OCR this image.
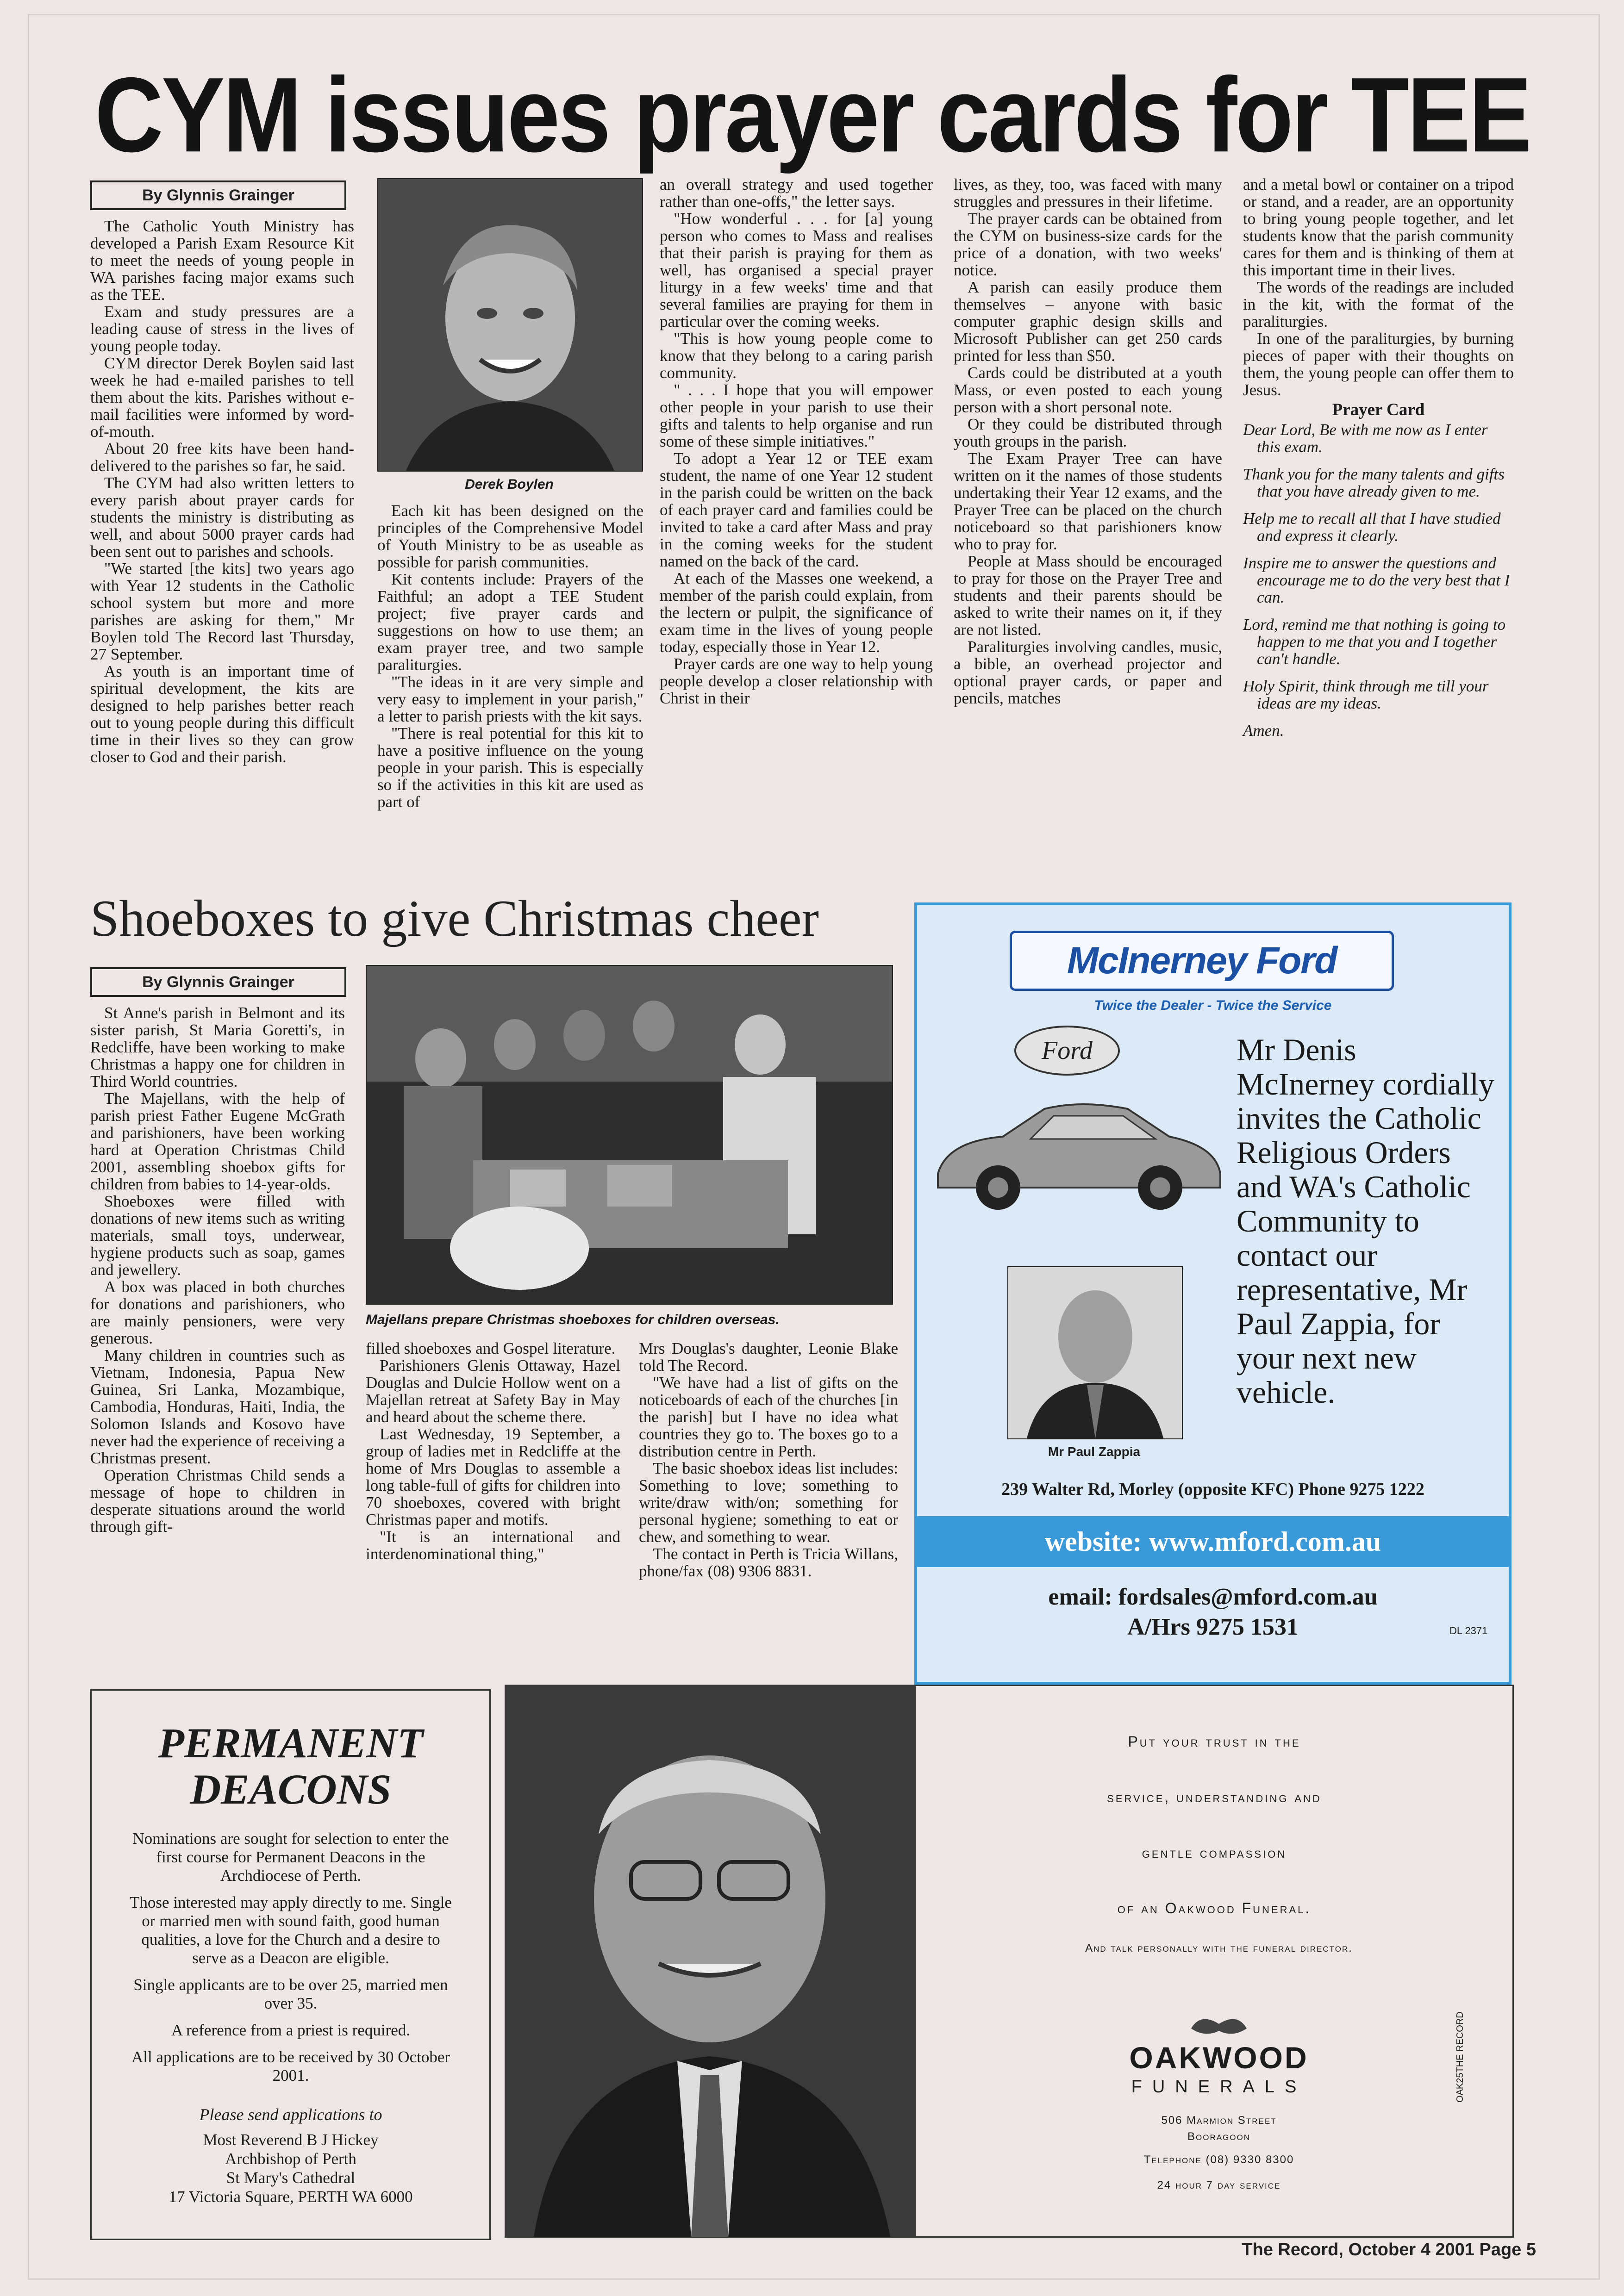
CYM issues prayer cards for TEE
By Glynnis Grainger

The Catholic Youth Ministry has developed a Parish Exam Resource Kit to meet the needs of young people in WA parishes facing major exams such as the TEE.

Exam and study pressures are a leading cause of stress in the lives of young people today.

CYM director Derek Boylen said last week he had e-mailed parishes to tell them about the kits. Parishes without e-mail facilities were informed by word-of-mouth.

About 20 free kits have been hand-delivered to the parishes so far, he said.

The CYM had also written letters to every parish about prayer cards for students the ministry is distributing as well, and about 5000 prayer cards had been sent out to parishes and schools.

"We started [the kits] two years ago with Year 12 students in the Catholic school system but more and more parishes are asking for them," Mr Boylen told The Record last Thursday, 27 September.

As youth is an important time of spiritual development, the kits are designed to help parishes better reach out to young people during this difficult time in their lives so they can grow closer to God and their parish.

Derek Boylen

Each kit has been designed on the principles of the Comprehensive Model of Youth Ministry to be as useable as possible for parish communities.

Kit contents include: Prayers of the Faithful; an adopt a TEE Student project; five prayer cards and suggestions on how to use them; an exam prayer tree, and two sample paraliturgies.

"The ideas in it are very simple and very easy to implement in your parish," a letter to parish priests with the kit says.

"There is real potential for this kit to have a positive influence on the young people in your parish. This is especially so if the activities in this kit are used as part of

an overall strategy and used together rather than one-offs," the letter says.

"How wonderful . . . for [a] young person who comes to Mass and realises that their parish is praying for them as well, has organised a special prayer liturgy in a few weeks' time and that several families are praying for them in particular over the coming weeks.

"This is how young people come to know that they belong to a caring parish community.

" . . . I hope that you will empower other people in your parish to use their gifts and talents to help organise and run some of these simple initiatives."

To adopt a Year 12 or TEE exam student, the name of one Year 12 student in the parish could be written on the back of each prayer card and families could be invited to take a card after Mass and pray in the coming weeks for the student named on the back of the card.

At each of the Masses one weekend, a member of the parish could explain, from the lectern or pulpit, the significance of exam time in the lives of young people today, especially those in Year 12.

Prayer cards are one way to help young people develop a closer relationship with Christ in their

lives, as they, too, was faced with many struggles and pressures in their lifetime.

The prayer cards can be obtained from the CYM on business-size cards for the price of a donation, with two weeks' notice.

A parish can easily produce them themselves – anyone with basic computer graphic design skills and Microsoft Publisher can get 250 cards printed for less than $50.

Cards could be distributed at a youth Mass, or even posted to each young person with a short personal note.

Or they could be distributed through youth groups in the parish.

The Exam Prayer Tree can have written on it the names of those students undertaking their Year 12 exams, and the Prayer Tree can be placed on the church noticeboard so that parishioners know who to pray for.

People at Mass should be encouraged to pray for those on the Prayer Tree and students and their parents should be asked to write their names on it, if they are not listed.

Paraliturgies involving candles, music, a bible, an overhead projector and optional prayer cards, or paper and pencils, matches

and a metal bowl or container on a tripod or stand, and a reader, are an opportunity to bring young people together, and let students know that the parish community cares for them and is thinking of them at this important time in their lives.

The words of the readings are included in the kit, with the format of the paraliturgies.

In one of the paraliturgies, by burning pieces of paper with their thoughts on them, the young people can offer them to Jesus.

Prayer Card

Dear Lord, Be with me now as I enter this exam.

Thank you for the many talents and gifts that you have already given to me.

Help me to recall all that I have studied and express it clearly.

Inspire me to answer the questions and encourage me to do the very best that I can.

Lord, remind me that nothing is going to happen to me that you and I together can't handle.

Holy Spirit, think through me till your ideas are my ideas.

Amen.

Shoeboxes to give Christmas cheer
By Glynnis Grainger

St Anne's parish in Belmont and its sister parish, St Maria Goretti's, in Redcliffe, have been working to make Christmas a happy one for children in Third World countries.

The Majellans, with the help of parish priest Father Eugene McGrath and parishioners, have been working hard at Operation Christmas Child 2001, assembling shoebox gifts for children from babies to 14-year-olds.

Shoeboxes were filled with donations of new items such as writing materials, small toys, underwear, hygiene products such as soap, games and jewellery.

A box was placed in both churches for donations and parishioners, who are mainly pensioners, were very generous.

Many children in countries such as Vietnam, Indonesia, Papua New Guinea, Sri Lanka, Mozambique, Cambodia, Honduras, Haiti, India, the Solomon Islands and Kosovo have never had the experience of receiving a Christmas present.

Operation Christmas Child sends a message of hope to children in desperate situations around the world through gift-

Majellans prepare Christmas shoeboxes for children overseas.

filled shoeboxes and Gospel literature.

Parishioners Glenis Ottaway, Hazel Douglas and Dulcie Hollow went on a Majellan retreat at Safety Bay in May and heard about the scheme there.

Last Wednesday, 19 September, a group of ladies met in Redcliffe at the home of Mrs Douglas to assemble a long table-full of gifts for children into 70 shoeboxes, covered with bright Christmas paper and motifs.

"It is an international and interdenominational thing,"

Mrs Douglas's daughter, Leonie Blake told The Record.

"We have had a list of gifts on the noticeboards of each of the churches [in the parish] but I have no idea what countries they go to. The boxes go to a distribution centre in Perth.

The basic shoebox ideas list includes: Something to love; something to write/draw with/on; something for personal hygiene; something to eat or chew, and something to wear.

The contact in Perth is Tricia Willans, phone/fax (08) 9306 8831.

McInerney Ford
Twice the Dealer - Twice the Service
Ford	Mr Denis McInerney cordially invites the Catholic Religious Orders and WA's Catholic Community to contact our representative, Mr Paul Zappia, for your next new vehicle.
Mr Paul Zappia
239 Walter Rd, Morley (opposite KFC) Phone 9275 1222
website: www.mford.com.au
email: fordsales@mford.com.au
A/Hrs 9275 1531	DL 2371
PERMANENT
DEACONS
Nominations are sought for selection to enter the first course for Permanent Deacons in the Archdiocese of Perth.
Those interested may apply directly to me. Single or married men with sound faith, good human qualities, a love for the Church and a desire to serve as a Deacon are eligible.
Single applicants are to be over 25, married men over 35.
A reference from a priest is required.
All applications are to be received by 30 October 2001.
Please send applications to
Most Reverend B J Hickey
Archbishop of Perth
St Mary's Cathedral
17 Victoria Square, PERTH WA 6000
Put your trust in the
service, understanding and
gentle compassion
of an Oakwood Funeral.
And talk personally with the funeral director.
OAKWOOD
FUNERALS
506 Marmion Street
Booragoon
Telephone (08) 9330 8300
24 hour 7 day service
OAK25THE RECORD
The Record, October 4 2001 Page 5
